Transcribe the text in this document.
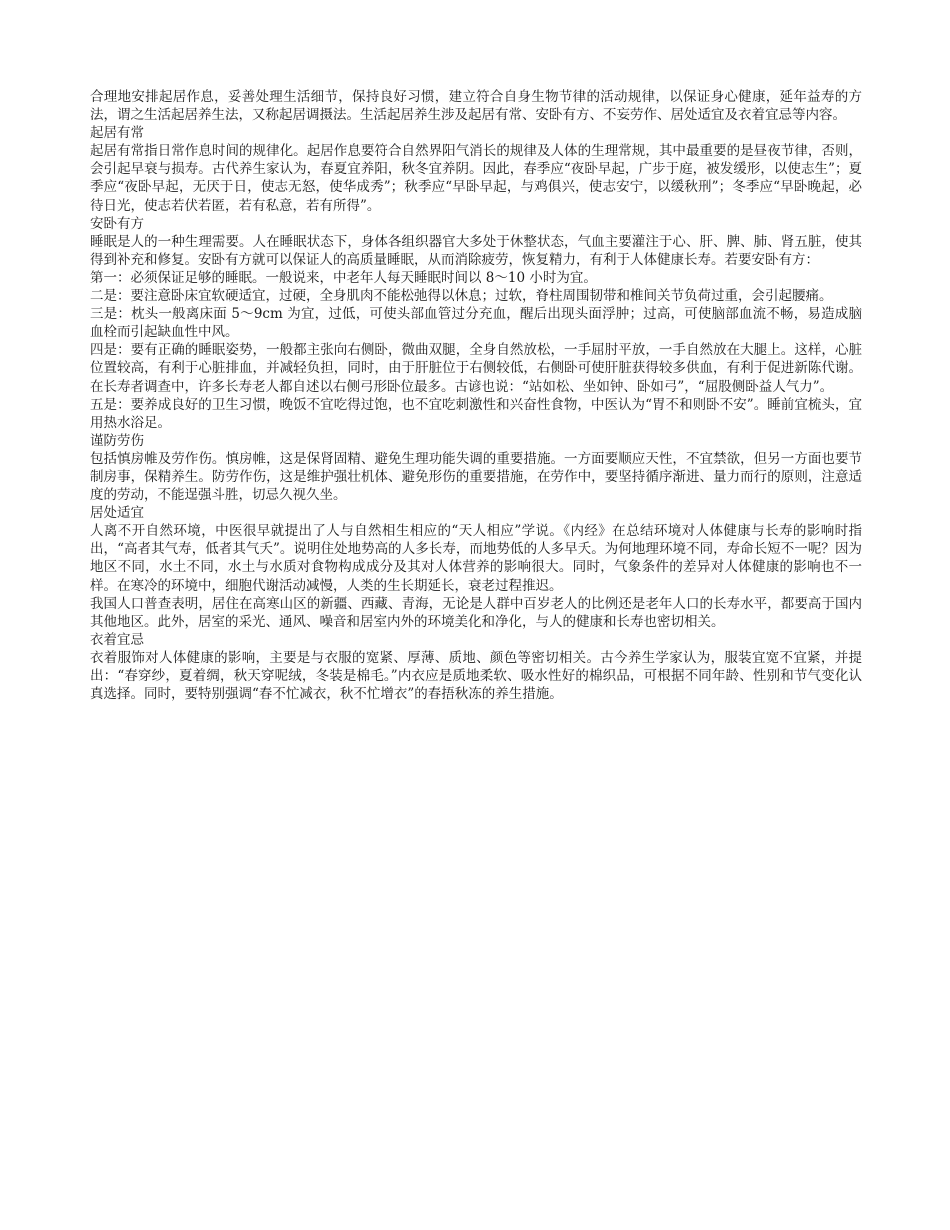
合理地安排起居作息，妥善处理生活细节，保持良好习惯，建立符合自身生物节律的活动规律，以保证身心健康，延年益寿的方法，谓之生活起居养生法，又称起居调摄法。生活起居养生涉及起居有常、安卧有方、不妄劳作、居处适宜及衣着宜忌等内容。

起居有常

起居有常指日常作息时间的规律化。起居作息要符合自然界阳气消长的规律及人体的生理常规，其中最重要的是昼夜节律，否则，会引起早衰与损寿。古代养生家认为，春夏宜养阳，秋冬宜养阴。因此，春季应“夜卧早起，广步于庭，被发缓形，以使志生”；夏季应“夜卧早起，无厌于日，使志无怒，使华成秀”；秋季应“早卧早起，与鸡俱兴，使志安宁，以缓秋刑”；冬季应“早卧晚起，必待日光，使志若伏若匿，若有私意，若有所得”。

安卧有方

睡眠是人的一种生理需要。人在睡眠状态下，身体各组织器官大多处于休整状态，气血主要灌注于心、肝、脾、肺、肾五脏，使其得到补充和修复。安卧有方就可以保证人的高质量睡眠，从而消除疲劳，恢复精力，有利于人体健康长寿。若要安卧有方：

第一：必须保证足够的睡眠。一般说来，中老年人每天睡眠时间以 8～10 小时为宜。

二是：要注意卧床宜软硬适宜，过硬，全身肌肉不能松弛得以休息；过软，脊柱周围韧带和椎间关节负荷过重，会引起腰痛。

三是：枕头一般离床面 5～9cm 为宜，过低，可使头部血管过分充血，醒后出现头面浮肿；过高，可使脑部血流不畅，易造成脑血栓而引起缺血性中风。

四是：要有正确的睡眠姿势，一般都主张向右侧卧，微曲双腿，全身自然放松，一手屈肘平放，一手自然放在大腿上。这样，心脏位置较高，有利于心脏排血，并减轻负担，同时，由于肝脏位于右侧较低，右侧卧可使肝脏获得较多供血，有利于促进新陈代谢。在长寿者调查中，许多长寿老人都自述以右侧弓形卧位最多。古谚也说：“站如松、坐如钟、卧如弓”，“屈股侧卧益人气力”。

五是：要养成良好的卫生习惯，晚饭不宜吃得过饱，也不宜吃刺激性和兴奋性食物，中医认为“胃不和则卧不安”。睡前宜梳头，宜用热水浴足。

谨防劳伤

包括慎房帷及劳作伤。慎房帷，这是保肾固精、避免生理功能失调的重要措施。一方面要顺应天性，不宜禁欲，但另一方面也要节制房事，保精养生。防劳作伤，这是维护强壮机体、避免形伤的重要措施，在劳作中，要坚持循序渐进、量力而行的原则，注意适度的劳动，不能逞强斗胜，切忌久视久坐。

居处适宜

人离不开自然环境，中医很早就提出了人与自然相生相应的“天人相应”学说。《内经》在总结环境对人体健康与长寿的影响时指出，“高者其气寿，低者其气夭”。说明住处地势高的人多长寿，而地势低的人多早夭。为何地理环境不同，寿命长短不一呢？因为地区不同，水土不同，水土与水质对食物构成成分及其对人体营养的影响很大。同时，气象条件的差异对人体健康的影响也不一样。在寒冷的环境中，细胞代谢活动减慢，人类的生长期延长，衰老过程推迟。

我国人口普查表明，居住在高寒山区的新疆、西藏、青海，无论是人群中百岁老人的比例还是老年人口的长寿水平，都要高于国内其他地区。此外，居室的采光、通风、噪音和居室内外的环境美化和净化，与人的健康和长寿也密切相关。

衣着宜忌

衣着服饰对人体健康的影响，主要是与衣服的宽紧、厚薄、质地、颜色等密切相关。古今养生学家认为，服装宜宽不宜紧，并提出：“春穿纱，夏着绸，秋天穿呢绒，冬装是棉毛。”内衣应是质地柔软、吸水性好的棉织品，可根据不同年龄、性别和节气变化认真选择。同时，要特别强调“春不忙减衣，秋不忙增衣”的春捂秋冻的养生措施。
